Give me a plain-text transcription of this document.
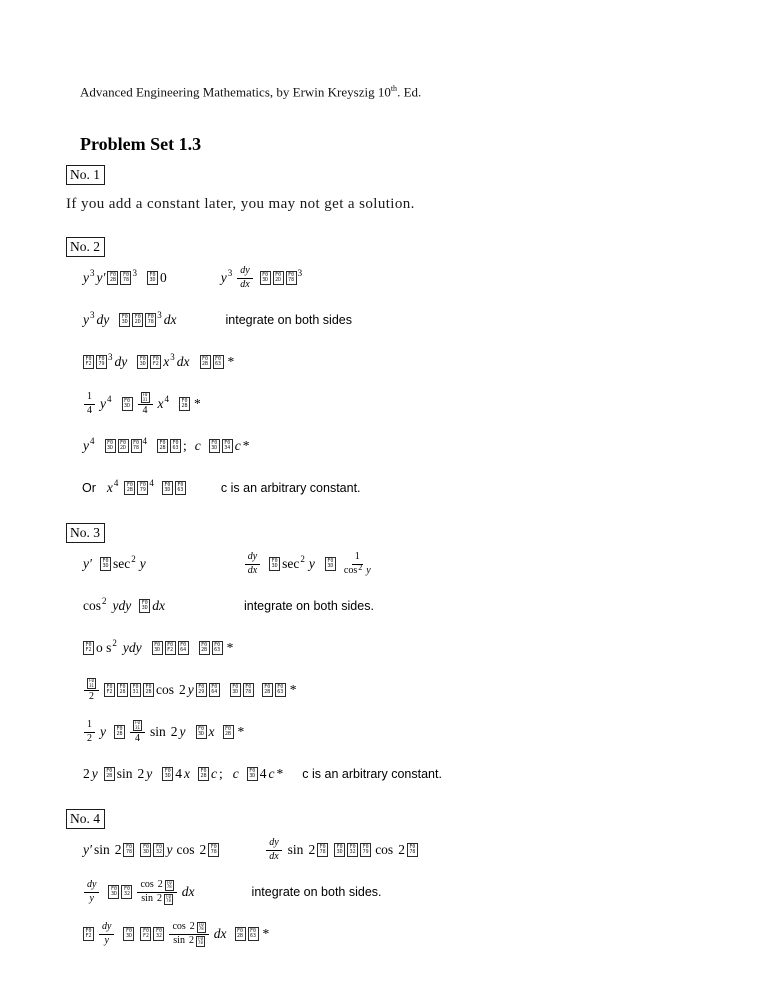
Advanced Engineering Mathematics, by Erwin Kreyszig 10th. Ed.
Problem Set 1.3
No. 1
If you add a constant later, you may not get a solution.
No. 2
y 3 y′ F0
2B
F0
78
3 F0
3D 0	y $3 \frac{dy}{dx} F0$
3D
F0
2D
F0
78
3
y 3 dy F0
3D
F0
2D
F0
78
3 dx	integrate on both sides
F0
F2
F0
79
3 dy F0
3D
F0
F2 x 3 dx F0
2B
F0
63 *
$\frac{1}{4}$ y 4 F0
3D F0
31
4 x 4 F0
2B *
y 4 F0
3D
F0
2D
F0
78
4 F0
2B
F0
63 ; c F0
3D
F0
34 c *
Or x 4 F0
2B
F0
79
4 F0
3D
F0
63	c is an arbitrary constant.
No. 3
y′ F0
3D sec 2 y	$\frac{dy}{dx} F0$
3D sec 2 y F0
$3D \frac{1}{\cos 2 y}$
cos 2 ydy F0
3D dx	integrate on both sides.
F0
F2 o s 2 ydy F0
3D
F0
F2
F0
64
F0
2B
F0
63 *
F0
31
2 F0
F2
F0
28
F0
31
F0
2B cos 2 y F0
29
F0
64
F0
3D
F0
78
F0
2B
F0
63 *
$\frac{1}{2}$ y F0
2B F0
31
4 sin 2 y F0
3D x F0
2B *
2 y F0
2B sin 2 y F0
3D 4 x F0
2B c ; c F0
3D 4 c * c is an arbitrary constant.
No. 4
y′ sin 2 F0
78
F0
3D
F0
32 y cos 2 F0
78	$\frac{dy}{dx}$ sin 2 F0
78
F0
3D
F0
32
F0
79 cos 2 F0
78
$\frac{dy}{y} F0$
3D
F0
32 cos 2 F0
78
sin 2 F0
78 dx	integrate on both sides.
F0
$F2 \frac{dy}{y} F0$
3D
F0
F2
F0
32 cos 2 F0
78
sin 2 F0
78 dx F0
2B
F0
63 *
